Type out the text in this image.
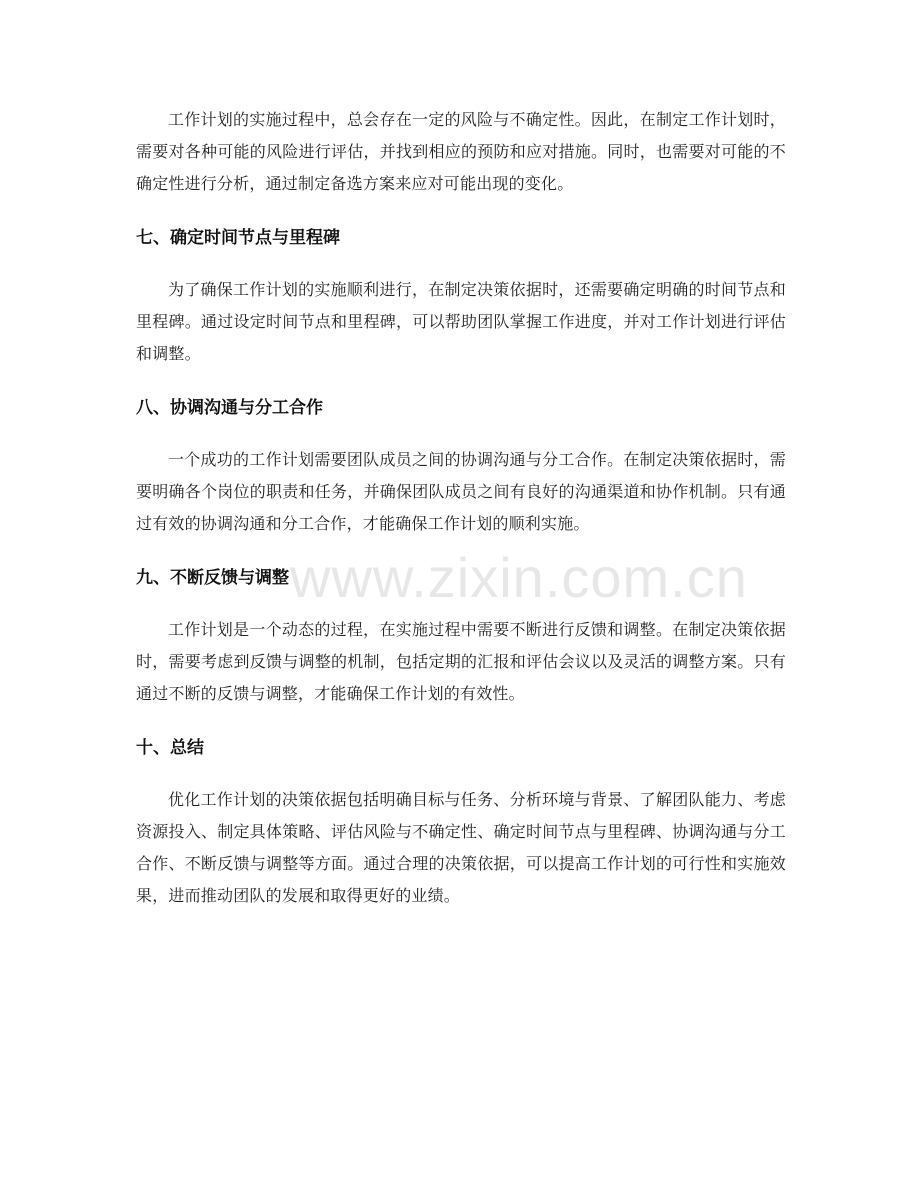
www.zixin.com.cn

工作计划的实施过程中，总会存在一定的风险与不确定性。因此，在制定工作计划时，需要对各种可能的风险进行评估，并找到相应的预防和应对措施。同时，也需要对可能的不确定性进行分析，通过制定备选方案来应对可能出现的变化。

七、确定时间节点与里程碑

为了确保工作计划的实施顺利进行，在制定决策依据时，还需要确定明确的时间节点和里程碑。通过设定时间节点和里程碑，可以帮助团队掌握工作进度，并对工作计划进行评估和调整。

八、协调沟通与分工合作

一个成功的工作计划需要团队成员之间的协调沟通与分工合作。在制定决策依据时，需要明确各个岗位的职责和任务，并确保团队成员之间有良好的沟通渠道和协作机制。只有通过有效的协调沟通和分工合作，才能确保工作计划的顺利实施。

九、不断反馈与调整

工作计划是一个动态的过程，在实施过程中需要不断进行反馈和调整。在制定决策依据时，需要考虑到反馈与调整的机制，包括定期的汇报和评估会议以及灵活的调整方案。只有通过不断的反馈与调整，才能确保工作计划的有效性。

十、总结

优化工作计划的决策依据包括明确目标与任务、分析环境与背景、了解团队能力、考虑资源投入、制定具体策略、评估风险与不确定性、确定时间节点与里程碑、协调沟通与分工合作、不断反馈与调整等方面。通过合理的决策依据，可以提高工作计划的可行性和实施效果，进而推动团队的发展和取得更好的业绩。
